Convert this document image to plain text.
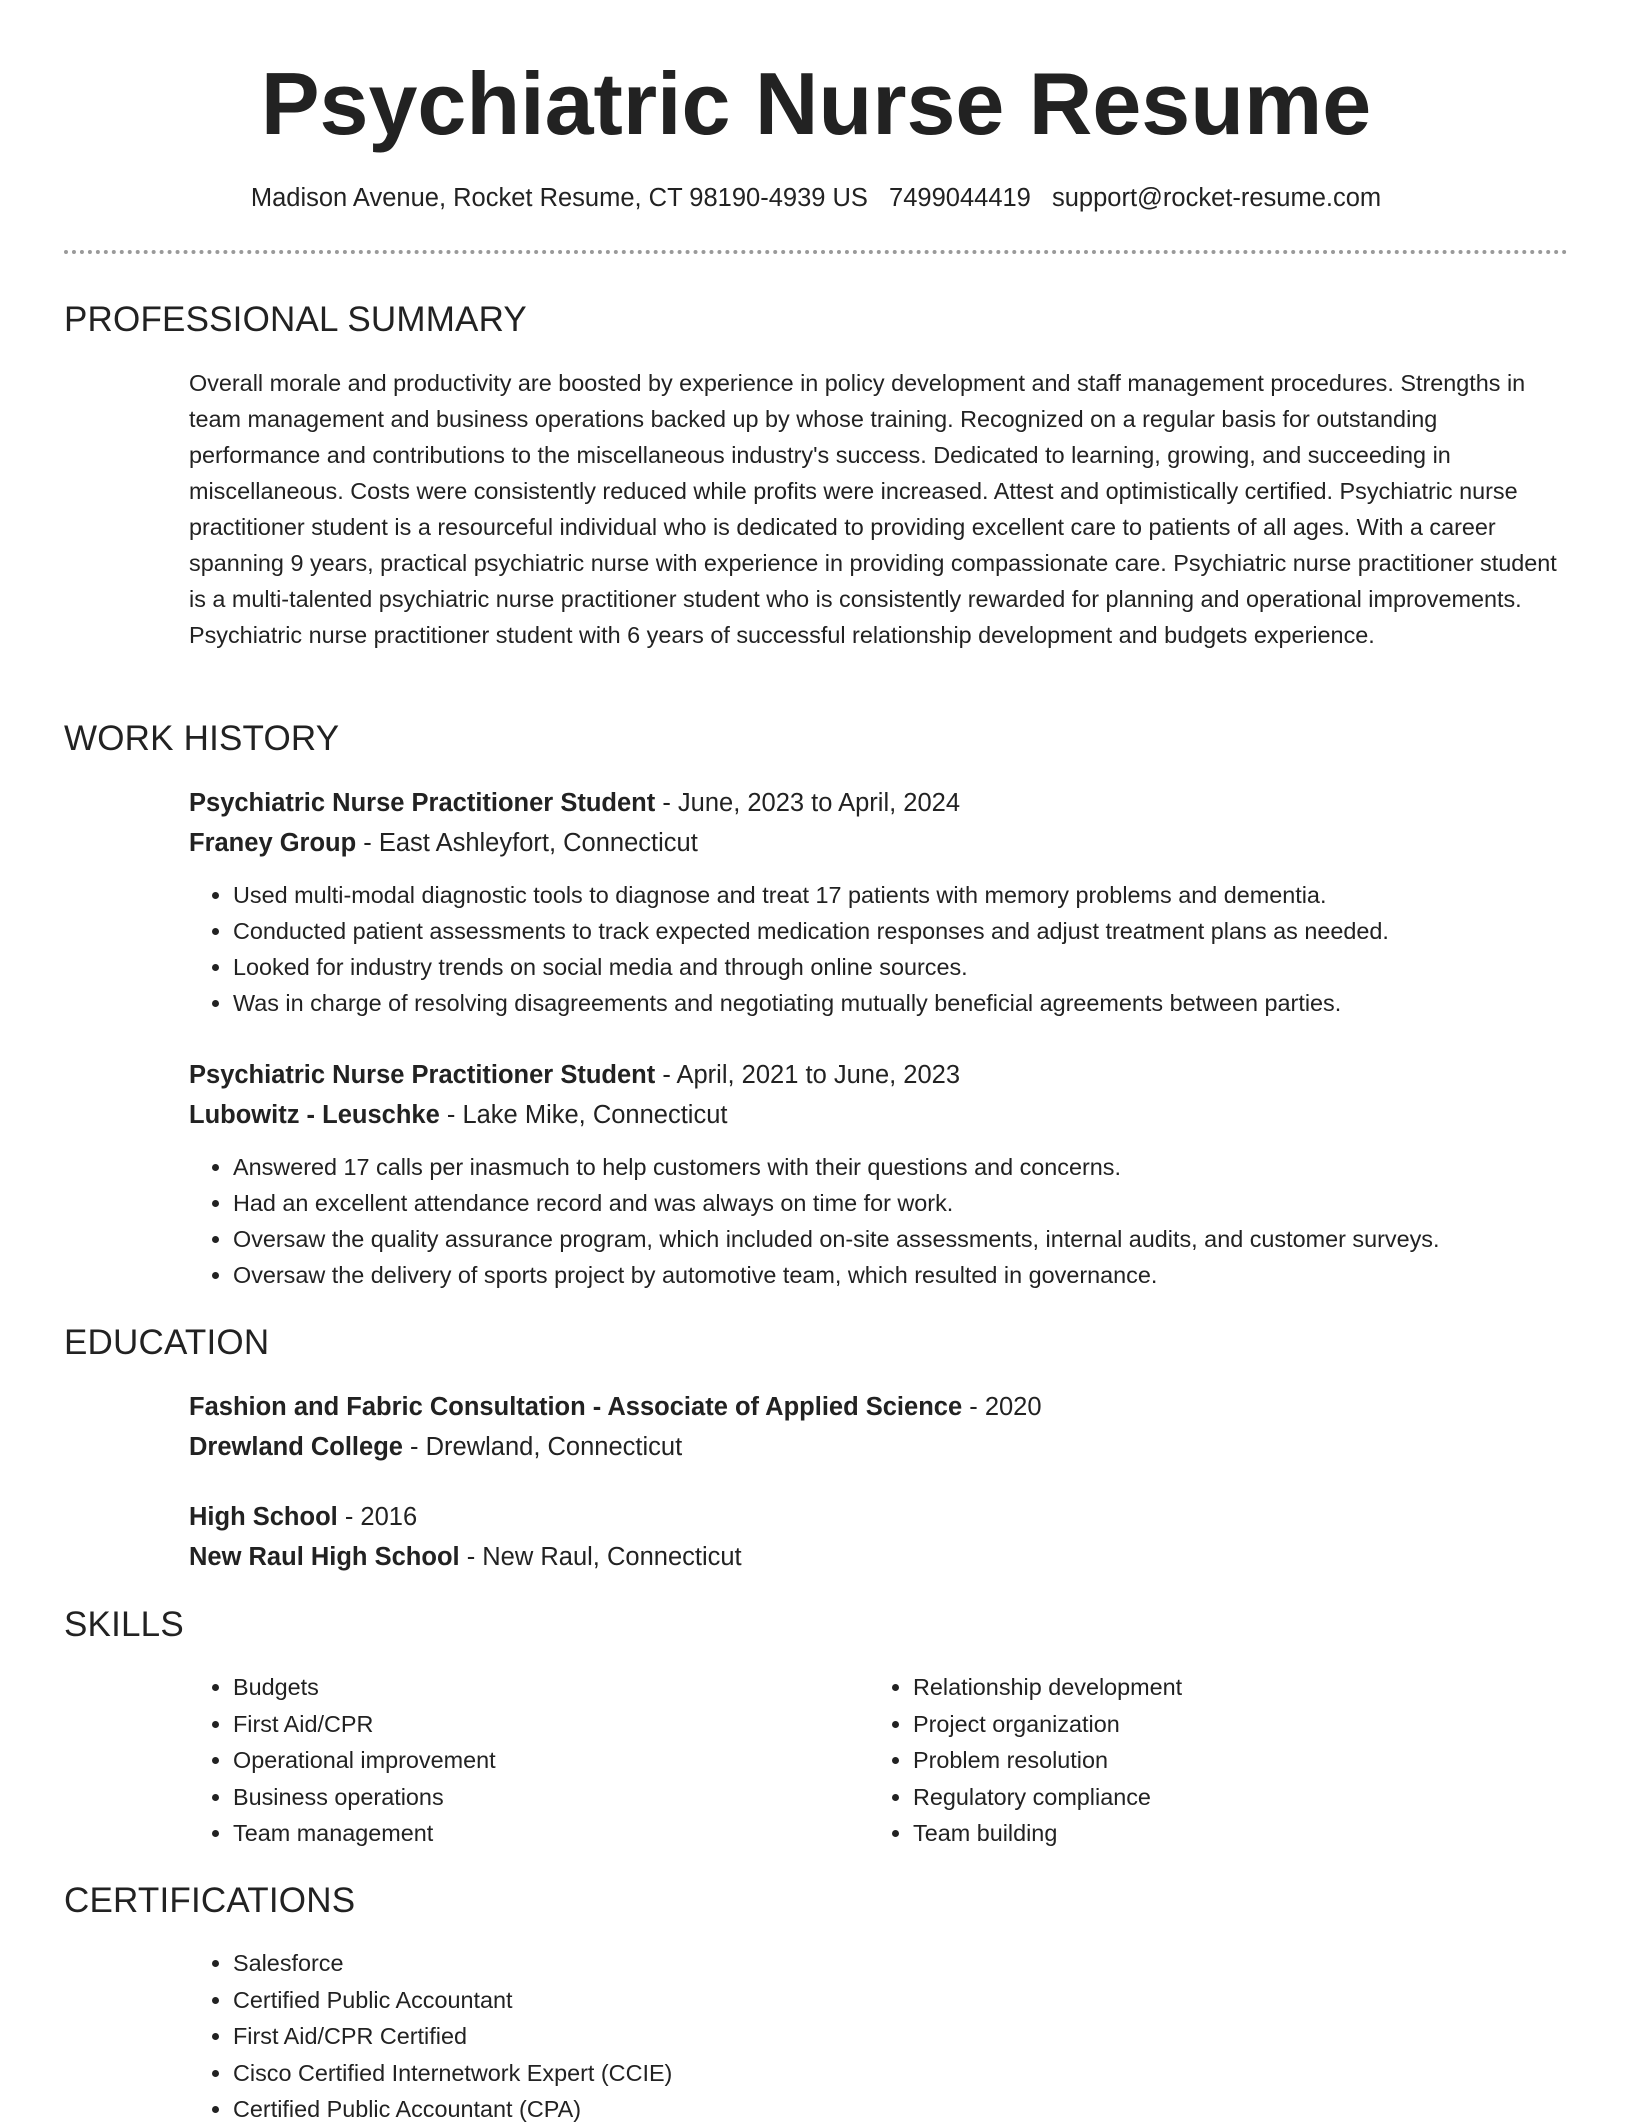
Psychiatric Nurse Resume
Madison Avenue, Rocket Resume, CT 98190-4939 US 7499044419 support@rocket-resume.com
PROFESSIONAL SUMMARY
Overall morale and productivity are boosted by experience in policy development and staff management procedures. Strengths in team management and business operations backed up by whose training. Recognized on a regular basis for outstanding performance and contributions to the miscellaneous industry's success. Dedicated to learning, growing, and succeeding in miscellaneous. Costs were consistently reduced while profits were increased. Attest and optimistically certified. Psychiatric nurse practitioner student is a resourceful individual who is dedicated to providing excellent care to patients of all ages. With a career spanning 9 years, practical psychiatric nurse with experience in providing compassionate care. Psychiatric nurse practitioner student is a multi-talented psychiatric nurse practitioner student who is consistently rewarded for planning and operational improvements. Psychiatric nurse practitioner student with 6 years of successful relationship development and budgets experience.
WORK HISTORY
Psychiatric Nurse Practitioner Student - June, 2023 to April, 2024
Franey Group - East Ashleyfort, Connecticut
• Used multi-modal diagnostic tools to diagnose and treat 17 patients with memory problems and dementia.
• Conducted patient assessments to track expected medication responses and adjust treatment plans as needed.
• Looked for industry trends on social media and through online sources.
• Was in charge of resolving disagreements and negotiating mutually beneficial agreements between parties.
Psychiatric Nurse Practitioner Student - April, 2021 to June, 2023
Lubowitz - Leuschke - Lake Mike, Connecticut
• Answered 17 calls per inasmuch to help customers with their questions and concerns.
• Had an excellent attendance record and was always on time for work.
• Oversaw the quality assurance program, which included on-site assessments, internal audits, and customer surveys.
• Oversaw the delivery of sports project by automotive team, which resulted in governance.
EDUCATION
Fashion and Fabric Consultation - Associate of Applied Science - 2020
Drewland College - Drewland, Connecticut
High School - 2016
New Raul High School - New Raul, Connecticut
SKILLS
• Budgets
• First Aid/CPR
• Operational improvement
• Business operations
• Team management
• Relationship development
• Project organization
• Problem resolution
• Regulatory compliance
• Team building
CERTIFICATIONS
• Salesforce
• Certified Public Accountant
• First Aid/CPR Certified
• Cisco Certified Internetwork Expert (CCIE)
• Certified Public Accountant (CPA)
